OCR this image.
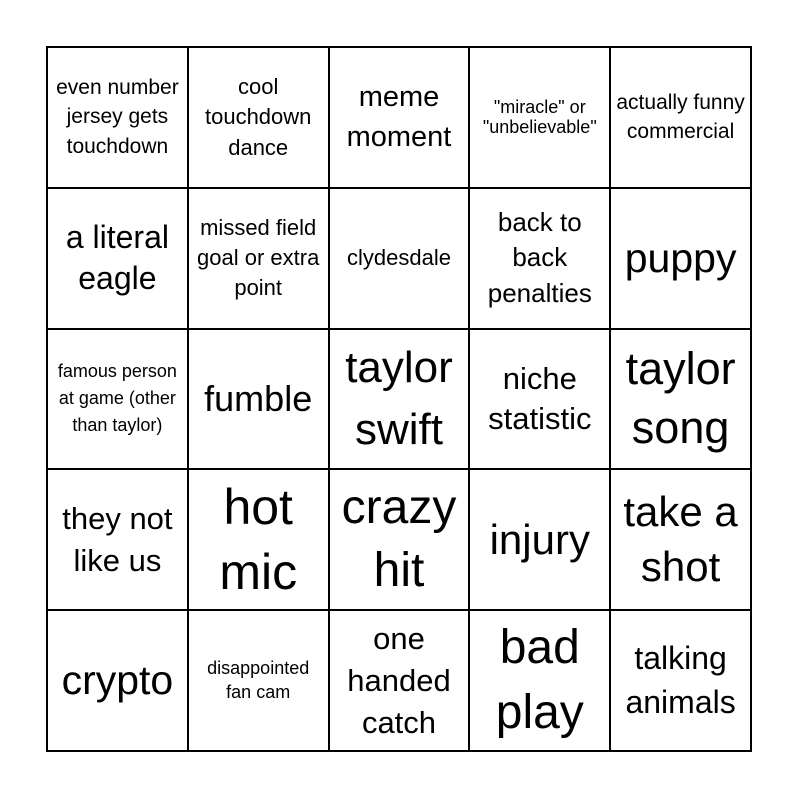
even number jersey gets touchdown
cool touchdown dance
meme moment
"miracle" or "unbelievable"
actually funny commercial
a literal eagle
missed field goal or extra point
clydesdale
back to back penalties
puppy
famous person at game (other than taylor)
fumble
taylor swift
niche statistic
taylor song
they not like us
hot mic
crazy hit
injury
take a shot
crypto	disappointed fan cam
one handed catch
bad play
talking animals
